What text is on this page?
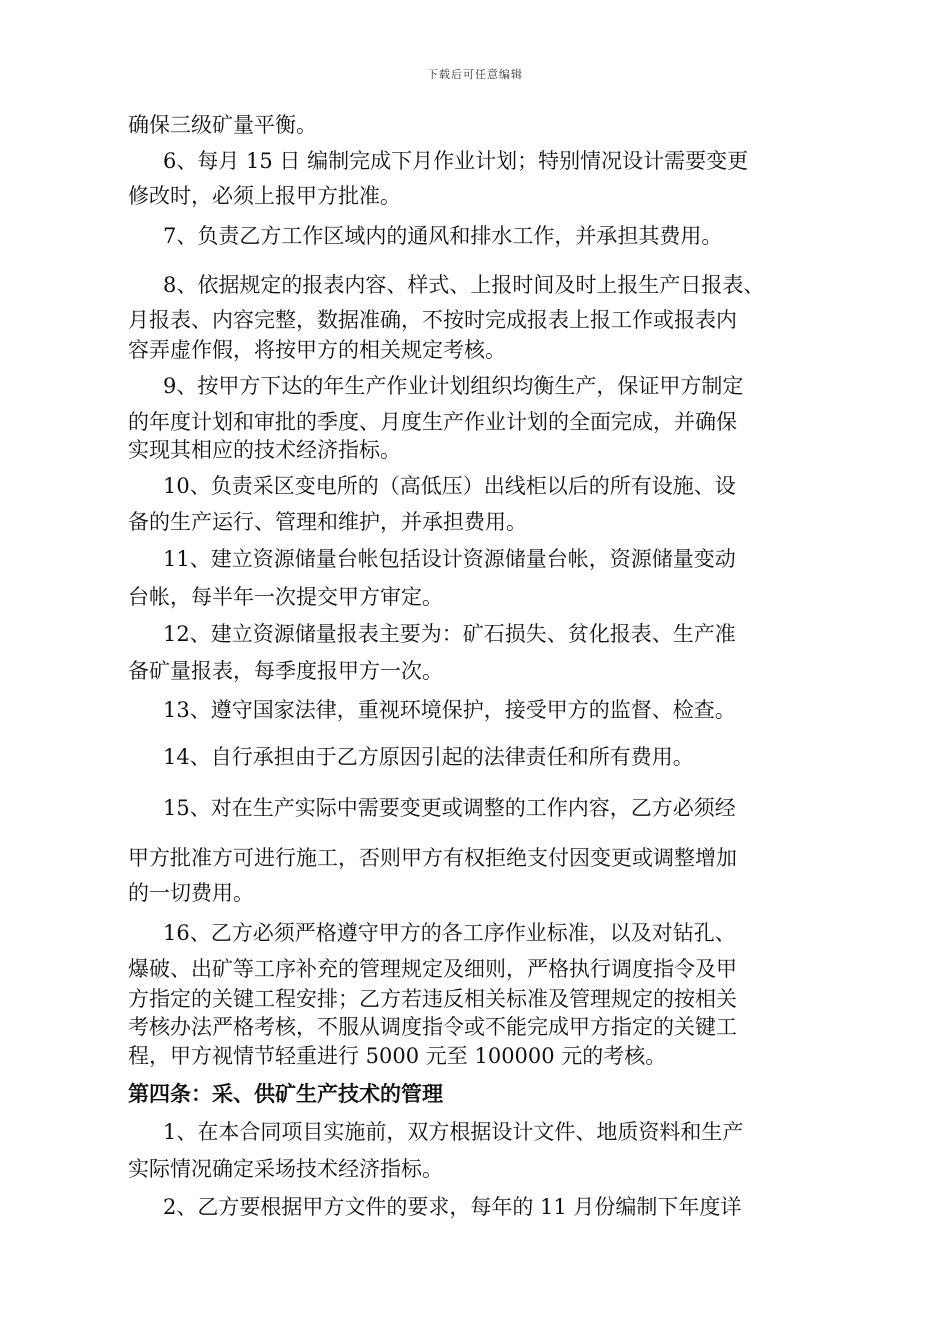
下载后可任意编辑
确保三级矿量平衡。
6、每月 15 日 编制完成下月作业计划；特别情况设计需要变更
修改时，必须上报甲方批准。
7、负责乙方工作区域内的通风和排水工作，并承担其费用。
8、依据规定的报表内容、样式、上报时间及时上报生产日报表、
月报表、内容完整，数据准确，不按时完成报表上报工作或报表内
容弄虚作假，将按甲方的相关规定考核。
9、按甲方下达的年生产作业计划组织均衡生产，保证甲方制定
的年度计划和审批的季度、月度生产作业计划的全面完成，并确保
实现其相应的技术经济指标。
10、负责采区变电所的（高低压）出线柜以后的所有设施、设
备的生产运行、管理和维护，并承担费用。
11、建立资源储量台帐包括设计资源储量台帐，资源储量变动
台帐，每半年一次提交甲方审定。
12、建立资源储量报表主要为：矿石损失、贫化报表、生产准
备矿量报表，每季度报甲方一次。
13、遵守国家法律，重视环境保护，接受甲方的监督、检查。
14、自行承担由于乙方原因引起的法律责任和所有费用。
15、对在生产实际中需要变更或调整的工作内容，乙方必须经
甲方批准方可进行施工，否则甲方有权拒绝支付因变更或调整增加
的一切费用。
16、乙方必须严格遵守甲方的各工序作业标准，以及对钻孔、
爆破、出矿等工序补充的管理规定及细则，严格执行调度指令及甲
方指定的关键工程安排；乙方若违反相关标准及管理规定的按相关
考核办法严格考核，不服从调度指令或不能完成甲方指定的关键工
程，甲方视情节轻重进行 5000 元至 100000 元的考核。
第四条：采、供矿生产技术的管理
1、在本合同项目实施前，双方根据设计文件、地质资料和生产
实际情况确定采场技术经济指标。
2、乙方要根据甲方文件的要求，每年的 11 月份编制下年度详
